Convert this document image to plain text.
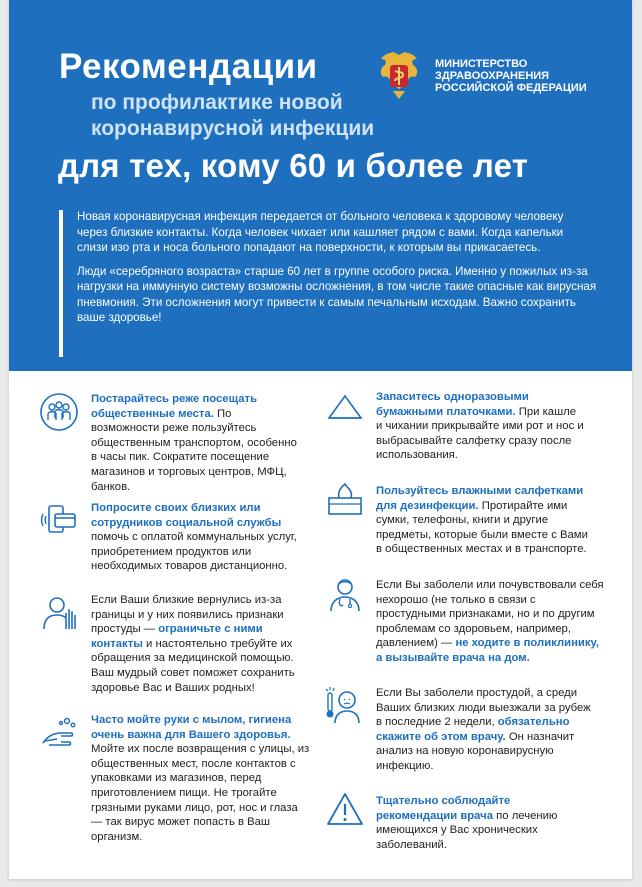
Рекомендации
по профилактике новой
коронавирусной инфекции
для тех, кому 60 и более лет
МИНИСТЕРСТВО
ЗДРАВООХРАНЕНИЯ
РОССИЙСКОЙ ФЕДЕРАЦИИ

Новая коронавирусная инфекция передается от больного человека к здоровому человеку через близкие контакты. Когда человек чихает или кашляет рядом с вами. Когда капельки слизи изо рта и носа больного попадают на поверхности, к которым вы прикасаетесь.

Люди «серебряного возраста» старше 60 лет в группе особого риска. Именно у пожилых из-за нагрузки на иммунную систему возможны осложнения, в том числе такие опасные как вирусная пневмония. Эти осложнения могут привести к самым печальным исходам. Важно сохранить ваше здоровье!

Постарайтесь реже посещать общественные места. По возможности реже пользуйтесь общественным транспортом, особенно в часы пик. Сократите посещение магазинов и торговых центров, МФЦ, банков.
Попросите своих близких или сотрудников социальной службы помочь с оплатой коммунальных услуг, приобретением продуктов или необходимых товаров дистанционно.
Если Ваши близкие вернулись из-за границы и у них появились признаки простуды — ограничьте с ними контакты и настоятельно требуйте их обращения за медицинской помощью. Ваш мудрый совет поможет сохранить здоровье Вас и Ваших родных!
Часто мойте руки с мылом, гигиена очень важна для Вашего здоровья. Мойте их после возвращения с улицы, из общественных мест, после контактов с упаковками из магазинов, перед приготовлением пищи. Не трогайте грязными руками лицо, рот, нос и глаза — так вирус может попасть в Ваш организм.
Запаситесь одноразовыми бумажными платочками. При кашле и чихании прикрывайте ими рот и нос и выбрасывайте салфетку сразу после использования.
Пользуйтесь влажными салфетками для дезинфекции. Протирайте ими сумки, телефоны, книги и другие предметы, которые были вместе с Вами в общественных местах и в транспорте.
Если Вы заболели или почувствовали себя нехорошо (не только в связи с простудными признаками, но и по другим проблемам со здоровьем, например, давлением) — не ходите в поликлинику, а вызывайте врача на дом.
Если Вы заболели простудой, а среди Ваших близких люди выезжали за рубеж в последние 2 недели, обязательно скажите об этом врачу. Он назначит анализ на новую коронавирусную инфекцию.
Тщательно соблюдайте рекомендации врача по лечению имеющихся у Вас хронических заболеваний.
